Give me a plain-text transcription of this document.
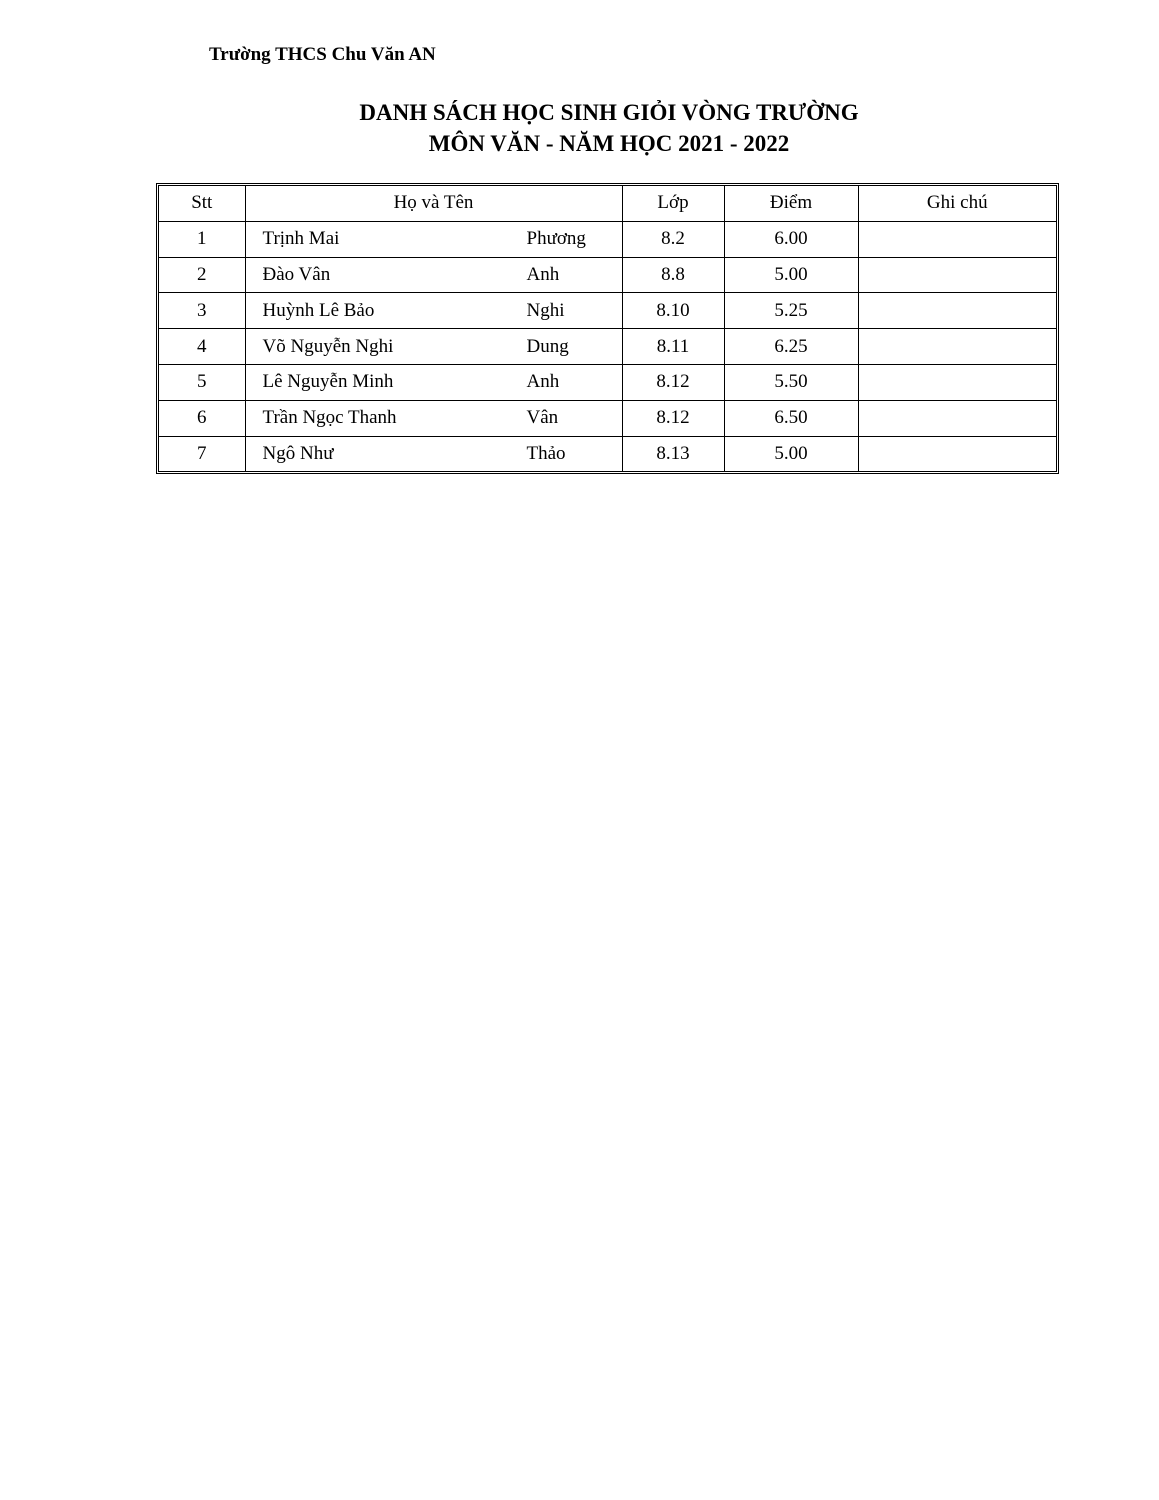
Trường THCS Chu Văn AN
DANH SÁCH HỌC SINH GIỎI VÒNG TRƯỜNG
MÔN VĂN - NĂM HỌC 2021 - 2022
Stt	Họ và Tên	Lớp	Điểm	Ghi chú
1	Trịnh Mai Phương	8.2	6.00	
2	Đào Vân Anh	8.8	5.00	
3	Huỳnh Lê Bảo Nghi	8.10	5.25	
4	Võ Nguyễn Nghi Dung	8.11	6.25	
5	Lê Nguyễn Minh Anh	8.12	5.50	
6	Trần Ngọc Thanh Vân	8.12	6.50	
7	Ngô Như Thảo	8.13	5.00	
